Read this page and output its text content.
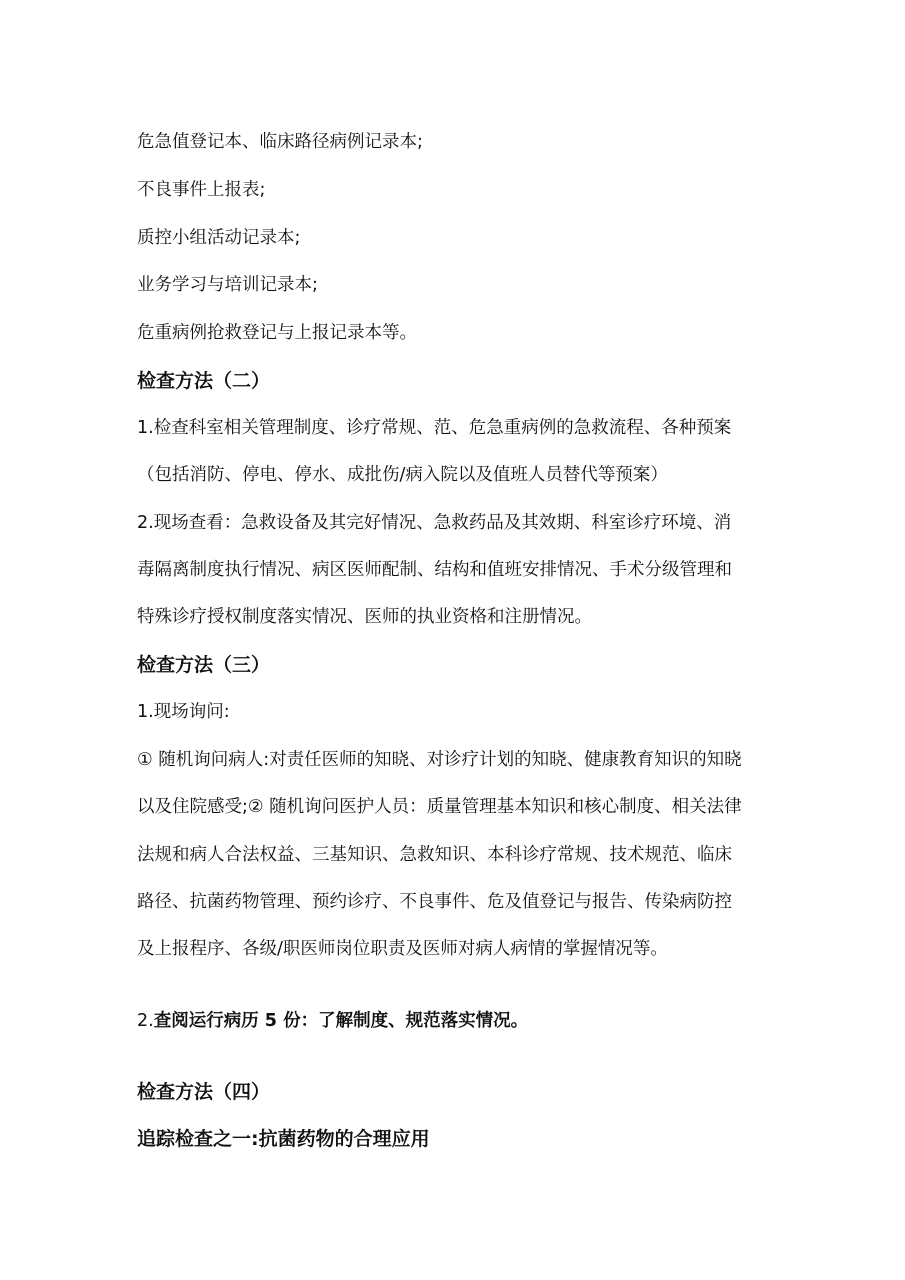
危急值登记本、临床路径病例记录本;
不良事件上报表;
质控小组活动记录本;
业务学习与培训记录本;
危重病例抢救登记与上报记录本等。
检查方法（二）
1.检查科室相关管理制度、诊疗常规、范、危急重病例的急救流程、各种预案
（包括消防、停电、停水、成批伤/病入院以及值班人员替代等预案）
2.现场查看：急救设备及其完好情况、急救药品及其效期、科室诊疗环境、消
毒隔离制度执行情况、病区医师配制、结构和值班安排情况、手术分级管理和
特殊诊疗授权制度落实情况、医师的执业资格和注册情况。
检查方法（三）
1.现场询问:
① 随机询问病人:对责任医师的知晓、对诊疗计划的知晓、健康教育知识的知晓
以及住院感受;② 随机询问医护人员：质量管理基本知识和核心制度、相关法律
法规和病人合法权益、三基知识、急救知识、本科诊疗常规、技术规范、临床
路径、抗菌药物管理、预约诊疗、不良事件、危及值登记与报告、传染病防控
及上报程序、各级/职医师岗位职责及医师对病人病情的掌握情况等。
2.查阅运行病历 5 份：了解制度、规范落实情况。
检查方法（四）
追踪检查之一:抗菌药物的合理应用
